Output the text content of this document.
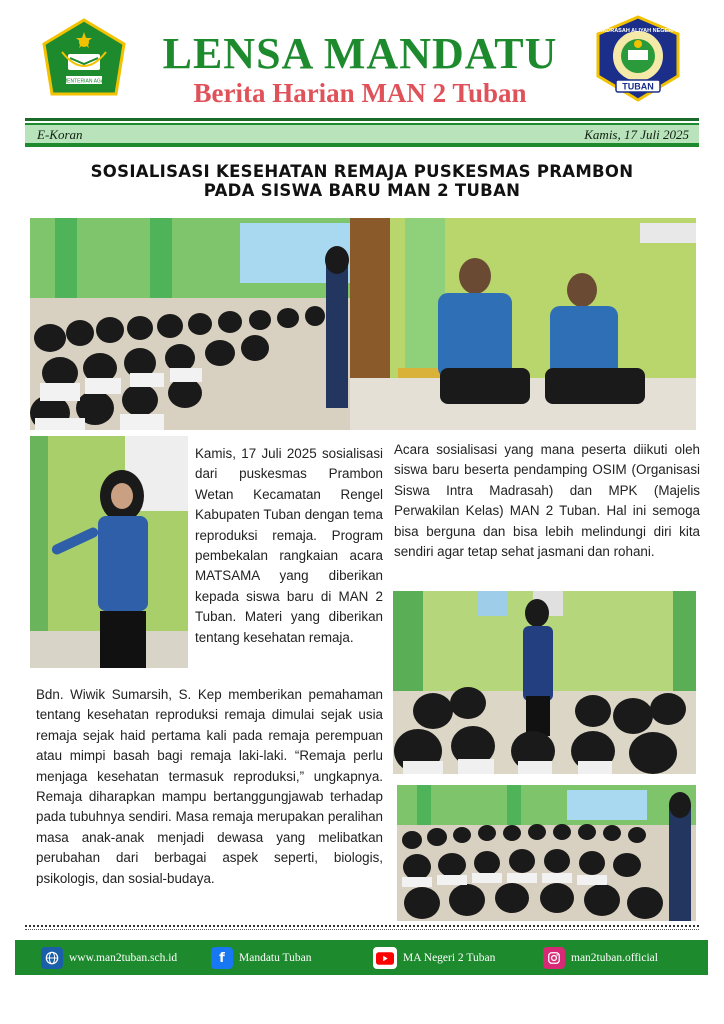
KEMENTERIAN AGAMA
LENSA MANDATU
Berita Harian MAN 2 Tuban
MADRASAH ALIYAH NEGERI 2
TUBAN
E-Koran	Kamis, 17 Juli 2025
SOSIALISASI KESEHATAN REMAJA PUSKESMAS PRAMBON
PADA SISWA BARU MAN 2 TUBAN
Kamis, 17 Juli 2025 sosialisasi dari puskesmas Prambon Wetan Kecamatan Rengel Kabupaten Tuban dengan tema reproduksi remaja. Program pembekalan rangkaian acara MATSAMA yang diberikan kepada siswa baru di MAN 2 Tuban. Materi yang diberikan tentang kesehatan remaja.
Bdn. Wiwik Sumarsih, S. Kep memberikan pemahaman tentang kesehatan reproduksi remaja dimulai sejak usia remaja sejak haid pertama kali pada remaja perempuan atau mimpi basah bagi remaja laki-laki. “Remaja perlu menjaga kesehatan termasuk reproduksi,” ungkapnya. Remaja diharapkan mampu bertanggungjawab terhadap pada tubuhnya sendiri. Masa remaja merupakan peralihan masa anak-anak menjadi dewasa yang melibatkan perubahan dari berbagai aspek seperti, biologis, psikologis, dan sosial-budaya.
Acara sosialisasi yang mana peserta diikuti oleh siswa baru beserta pendamping OSIM (Organisasi Siswa Intra Madrasah) dan MPK (Majelis Perwakilan Kelas) MAN 2 Tuban. Hal ini semoga bisa berguna dan bisa lebih melindungi diri kita sendiri agar tetap sehat jasmani dan rohani.
www.man2tuban.sch.id	f	Mandatu Tuban	MA Negeri 2 Tuban	man2tuban.official
